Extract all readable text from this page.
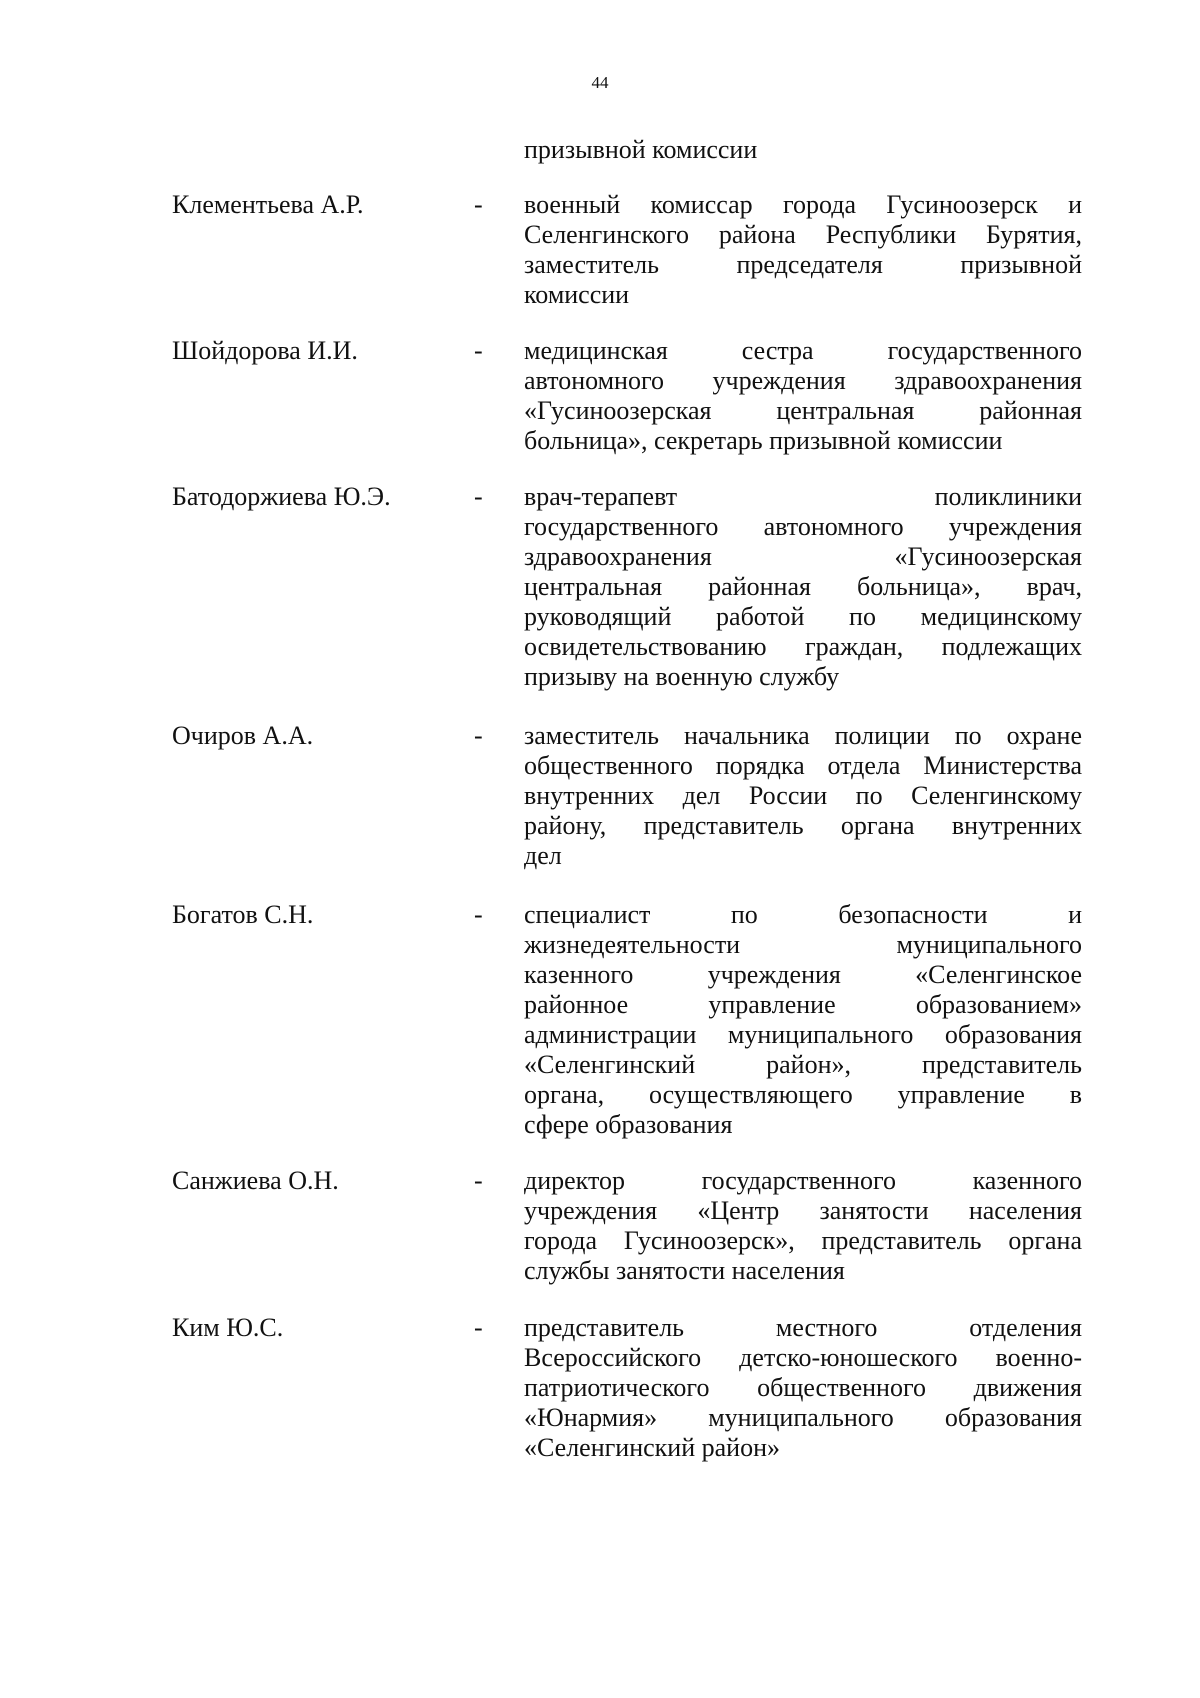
44
призывной комиссии
Клементьева А.Р.	- военный комиссар города Гусиноозерск и
Селенгинского района Республики Бурятия,
заместитель председателя призывной
комиссии
Шойдорова И.И.	- медицинская сестра государственного
автономного учреждения здравоохранения
«Гусиноозерская центральная районная
больница», секретарь призывной комиссии
Батодоржиева Ю.Э.	- врач-терапевт поликлиники
государственного автономного учреждения
здравоохранения «Гусиноозерская
центральная районная больница», врач,
руководящий работой по медицинскому
освидетельствованию граждан, подлежащих
призыву на военную службу
Очиров А.А.	- заместитель начальника полиции по охране
общественного порядка отдела Министерства
внутренних дел России по Селенгинскому
району, представитель органа внутренних
дел
Богатов С.Н.	- специалист по безопасности и
жизнедеятельности муниципального
казенного учреждения «Селенгинское
районное управление образованием»
администрации муниципального образования
«Селенгинский район», представитель
органа, осуществляющего управление в
сфере образования
Санжиева О.Н.	- директор государственного казенного
учреждения «Центр занятости населения
города Гусиноозерск», представитель органа
службы занятости населения
Ким Ю.С.	- представитель местного отделения
Всероссийского детско-юношеского военно-
патриотического общественного движения
«Юнармия» муниципального образования
«Селенгинский район»
